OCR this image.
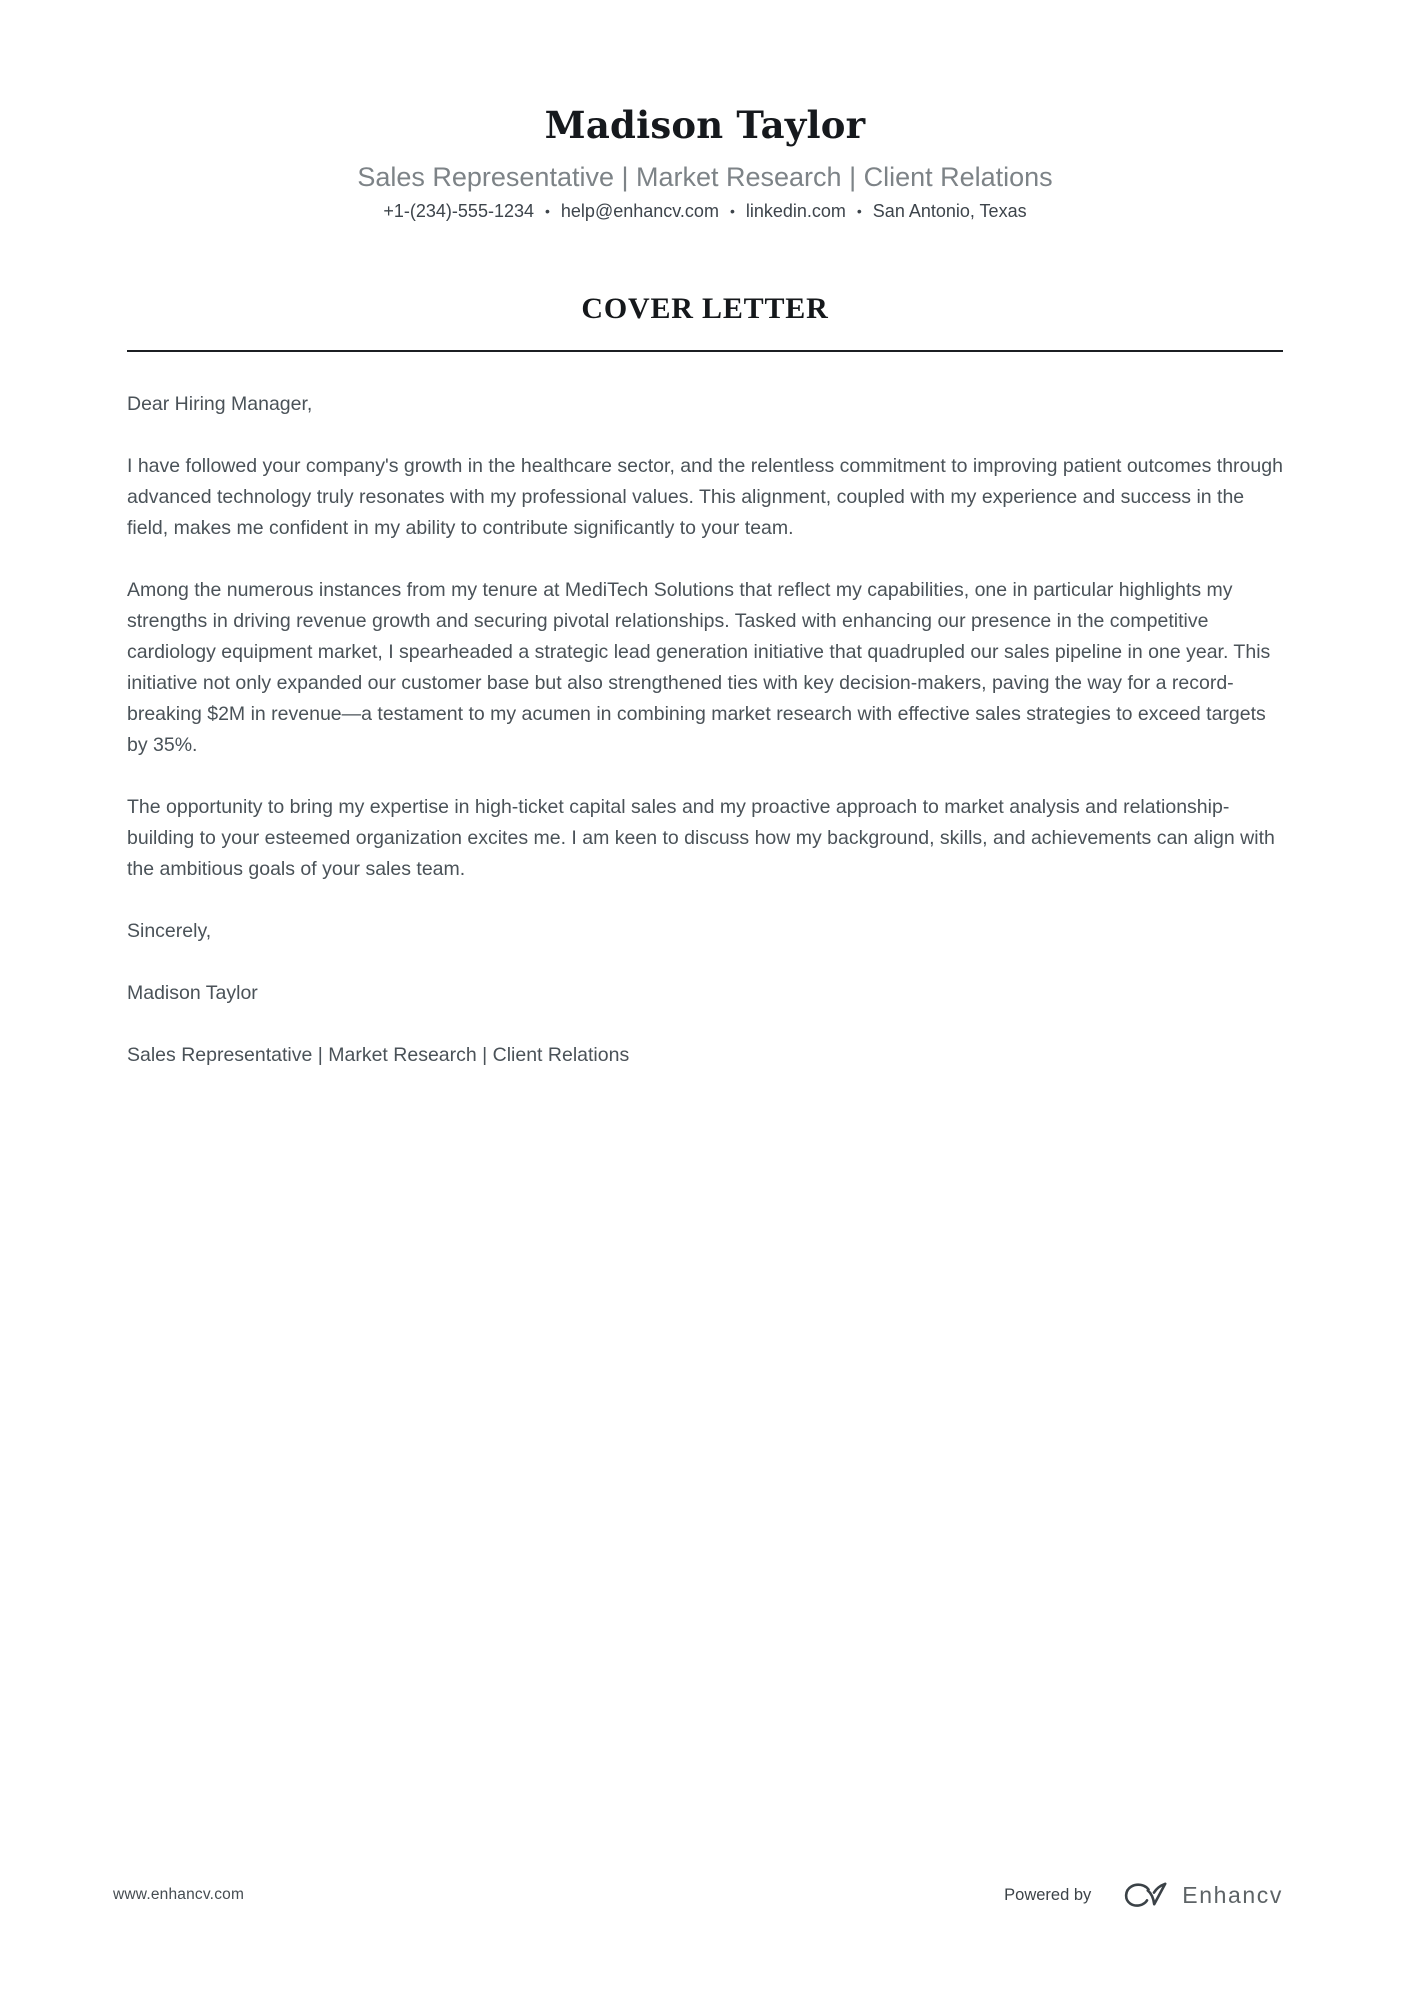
Madison Taylor
Sales Representative | Market Research | Client Relations
+1-(234)-555-1234 • help@enhancv.com • linkedin.com • San Antonio, Texas
COVER LETTER

Dear Hiring Manager,

I have followed your company's growth in the healthcare sector, and the relentless commitment to improving patient outcomes through advanced technology truly resonates with my professional values. This alignment, coupled with my experience and success in the field, makes me confident in my ability to contribute significantly to your team.

Among the numerous instances from my tenure at MediTech Solutions that reflect my capabilities, one in particular highlights my strengths in driving revenue growth and securing pivotal relationships. Tasked with enhancing our presence in the competitive cardiology equipment market, I spearheaded a strategic lead generation initiative that quadrupled our sales pipeline in one year. This initiative not only expanded our customer base but also strengthened ties with key decision-makers, paving the way for a record-breaking $2M in revenue—a testament to my acumen in combining market research with effective sales strategies to exceed targets by 35%.

The opportunity to bring my expertise in high-ticket capital sales and my proactive approach to market analysis and relationship-building to your esteemed organization excites me. I am keen to discuss how my background, skills, and achievements can align with the ambitious goals of your sales team.

Sincerely,

Madison Taylor

Sales Representative | Market Research | Client Relations

www.enhancv.com	Powered by	Enhancv
